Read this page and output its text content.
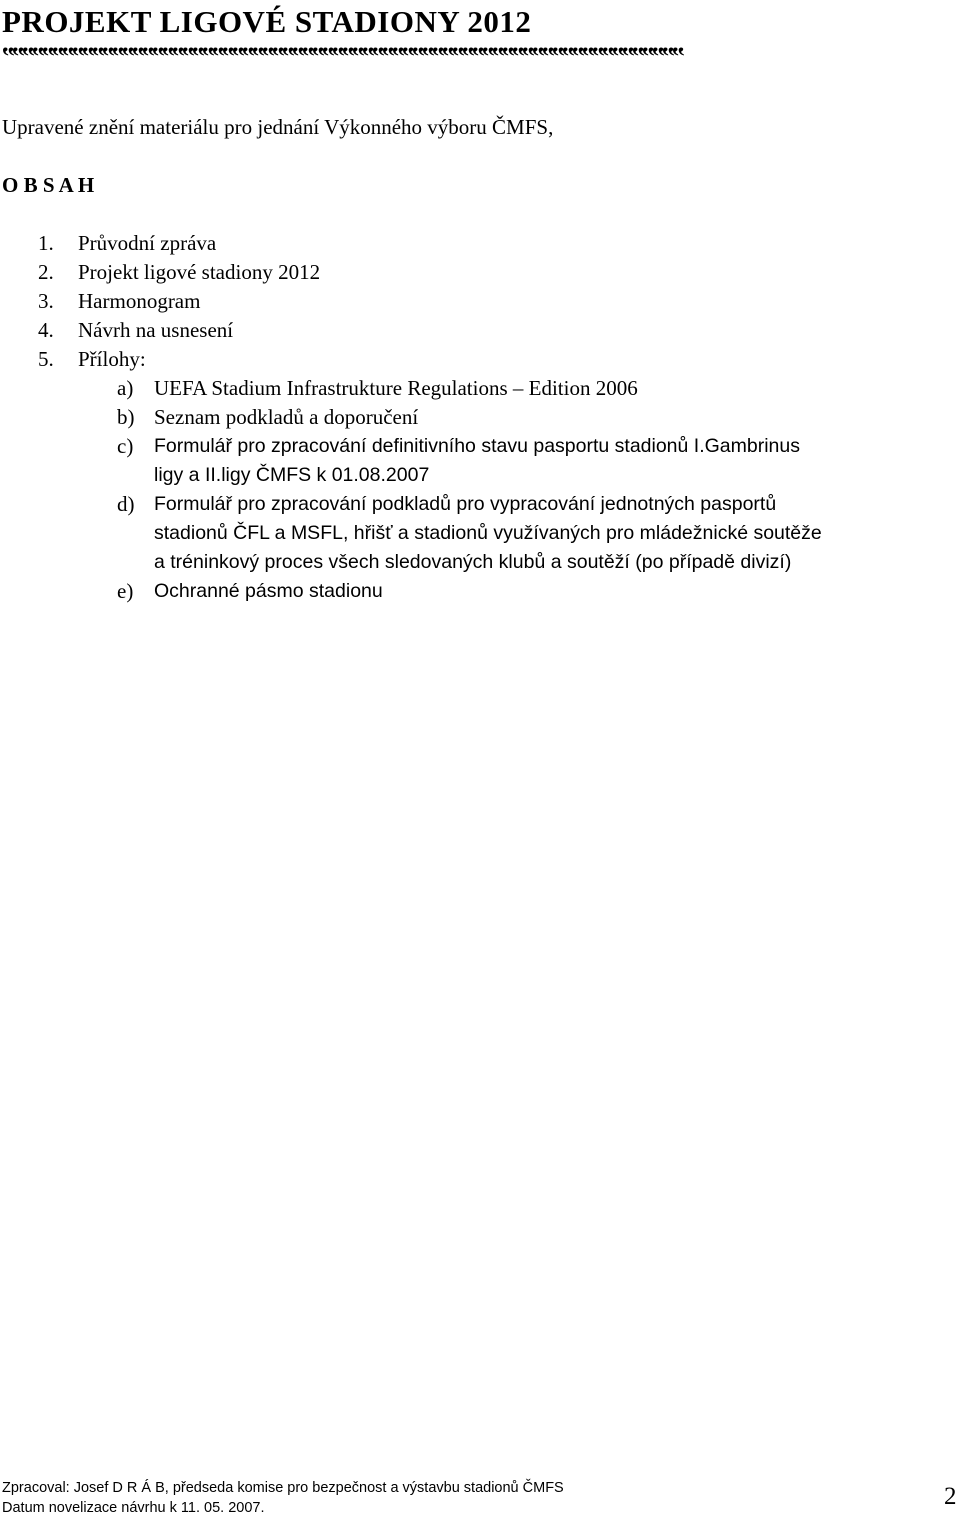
PROJEKT LIGOVÉ STADIONY 2012
‟‟‟‟‟‟‟‟‟‟‟‟‟‟‟‟‟‟‟‟‟‟‟‟‟‟‟‟‟‟‟‟‟‟‟‟‟‟‟‟‟‟‟‟‟‟‟‟‟‟‟‟‟‟‟‟‟‟‟‟‟‟‟‟‟‟‟‟
Upravené znění materiálu pro jednání Výkonného výboru ČMFS,
O B S A H
1. Průvodní zpráva
2. Projekt ligové stadiony 2012
3. Harmonogram
4. Návrh na usnesení
5. Přílohy:
a) UEFA Stadium Infrastrukture Regulations – Edition 2006
b) Seznam podkladů a doporučení
c) Formulář pro zpracování definitivního stavu pasportu stadionů I.Gambrinus
ligy a II.ligy ČMFS k 01.08.2007
d) Formulář pro zpracování podkladů pro vypracování jednotných pasportů
stadionů ČFL a MSFL, hřišť a stadionů využívaných pro mládežnické soutěže
a tréninkový proces všech sledovaných klubů a soutěží (po případě divizí)
e) Ochranné pásmo stadionu
Zpracoval: Josef D R Á B, předseda komise pro bezpečnost a výstavbu stadionů ČMFS
Datum novelizace návrhu k 11. 05. 2007.	2
